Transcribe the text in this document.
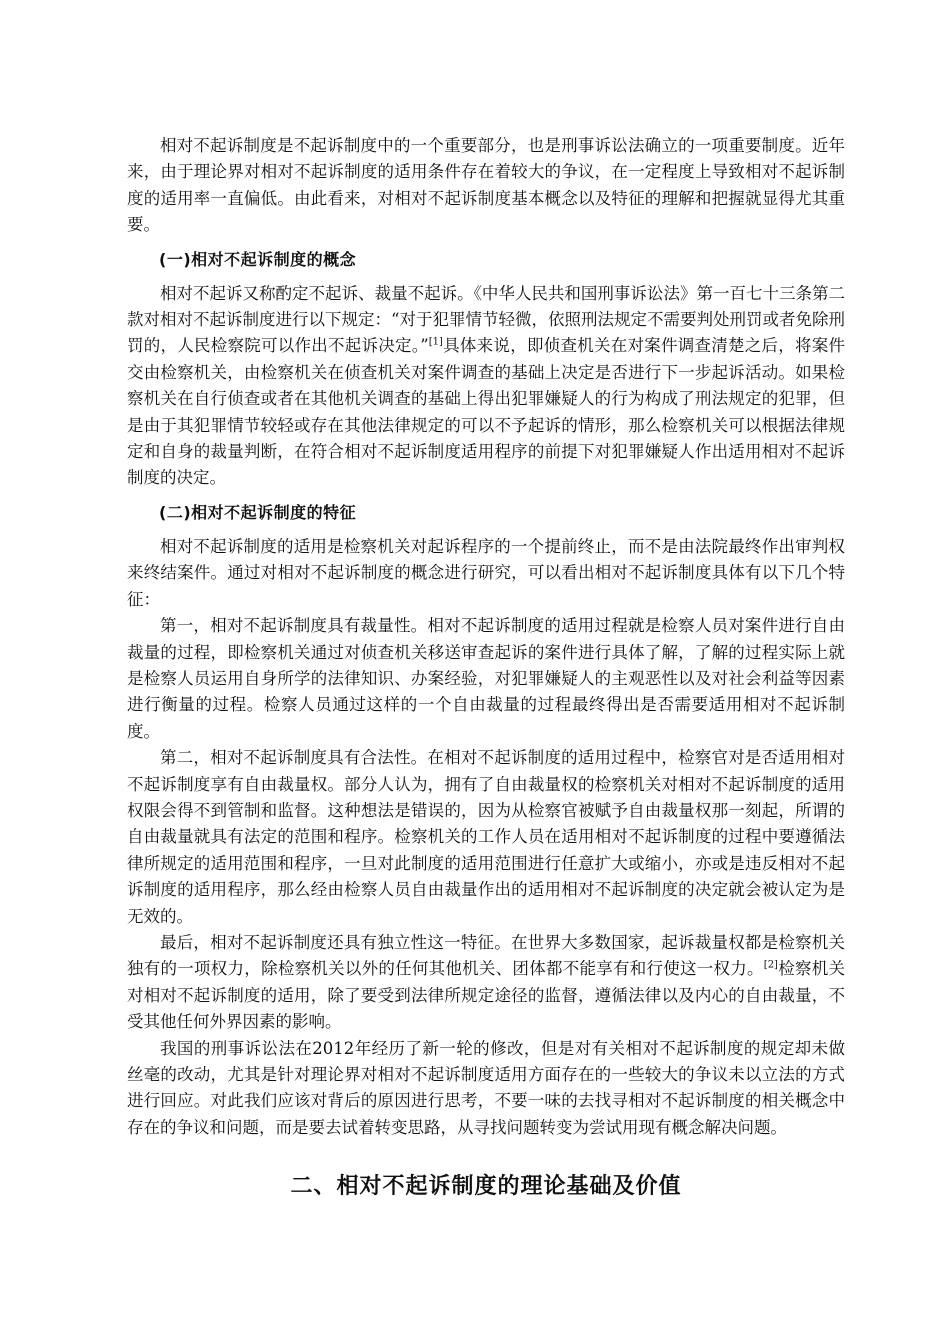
相对不起诉制度是不起诉制度中的一个重要部分，也是刑事诉讼法确立的一项重要制度。近年来，由于理论界对相对不起诉制度的适用条件存在着较大的争议，在一定程度上导致相对不起诉制度的适用率一直偏低。由此看来，对相对不起诉制度基本概念以及特征的理解和把握就显得尤其重要。

(一)相对不起诉制度的概念

相对不起诉又称酌定不起诉、裁量不起诉。《中华人民共和国刑事诉讼法》第一百七十三条第二款对相对不起诉制度进行以下规定：“对于犯罪情节轻微，依照刑法规定不需要判处刑罚或者免除刑罚的，人民检察院可以作出不起诉决定。”[1]具体来说，即侦查机关在对案件调查清楚之后，将案件交由检察机关，由检察机关在侦查机关对案件调查的基础上决定是否进行下一步起诉活动。如果检察机关在自行侦查或者在其他机关调查的基础上得出犯罪嫌疑人的行为构成了刑法规定的犯罪，但是由于其犯罪情节较轻或存在其他法律规定的可以不予起诉的情形，那么检察机关可以根据法律规定和自身的裁量判断，在符合相对不起诉制度适用程序的前提下对犯罪嫌疑人作出适用相对不起诉制度的决定。

(二)相对不起诉制度的特征

相对不起诉制度的适用是检察机关对起诉程序的一个提前终止，而不是由法院最终作出审判权来终结案件。通过对相对不起诉制度的概念进行研究，可以看出相对不起诉制度具体有以下几个特征：

第一，相对不起诉制度具有裁量性。相对不起诉制度的适用过程就是检察人员对案件进行自由裁量的过程，即检察机关通过对侦查机关移送审查起诉的案件进行具体了解，了解的过程实际上就是检察人员运用自身所学的法律知识、办案经验，对犯罪嫌疑人的主观恶性以及对社会利益等因素进行衡量的过程。检察人员通过这样的一个自由裁量的过程最终得出是否需要适用相对不起诉制度。

第二，相对不起诉制度具有合法性。在相对不起诉制度的适用过程中，检察官对是否适用相对不起诉制度享有自由裁量权。部分人认为，拥有了自由裁量权的检察机关对相对不起诉制度的适用权限会得不到管制和监督。这种想法是错误的，因为从检察官被赋予自由裁量权那一刻起，所谓的自由裁量就具有法定的范围和程序。检察机关的工作人员在适用相对不起诉制度的过程中要遵循法律所规定的适用范围和程序，一旦对此制度的适用范围进行任意扩大或缩小，亦或是违反相对不起诉制度的适用程序，那么经由检察人员自由裁量作出的适用相对不起诉制度的决定就会被认定为是无效的。

最后，相对不起诉制度还具有独立性这一特征。在世界大多数国家，起诉裁量权都是检察机关独有的一项权力，除检察机关以外的任何其他机关、团体都不能享有和行使这一权力。[2]检察机关对相对不起诉制度的适用，除了要受到法律所规定途径的监督，遵循法律以及内心的自由裁量，不受其他任何外界因素的影响。

我国的刑事诉讼法在2012年经历了新一轮的修改，但是对有关相对不起诉制度的规定却未做丝毫的改动，尤其是针对理论界对相对不起诉制度适用方面存在的一些较大的争议未以立法的方式进行回应。对此我们应该对背后的原因进行思考，不要一味的去找寻相对不起诉制度的相关概念中存在的争议和问题，而是要去试着转变思路，从寻找问题转变为尝试用现有概念解决问题。

二、相对不起诉制度的理论基础及价值
